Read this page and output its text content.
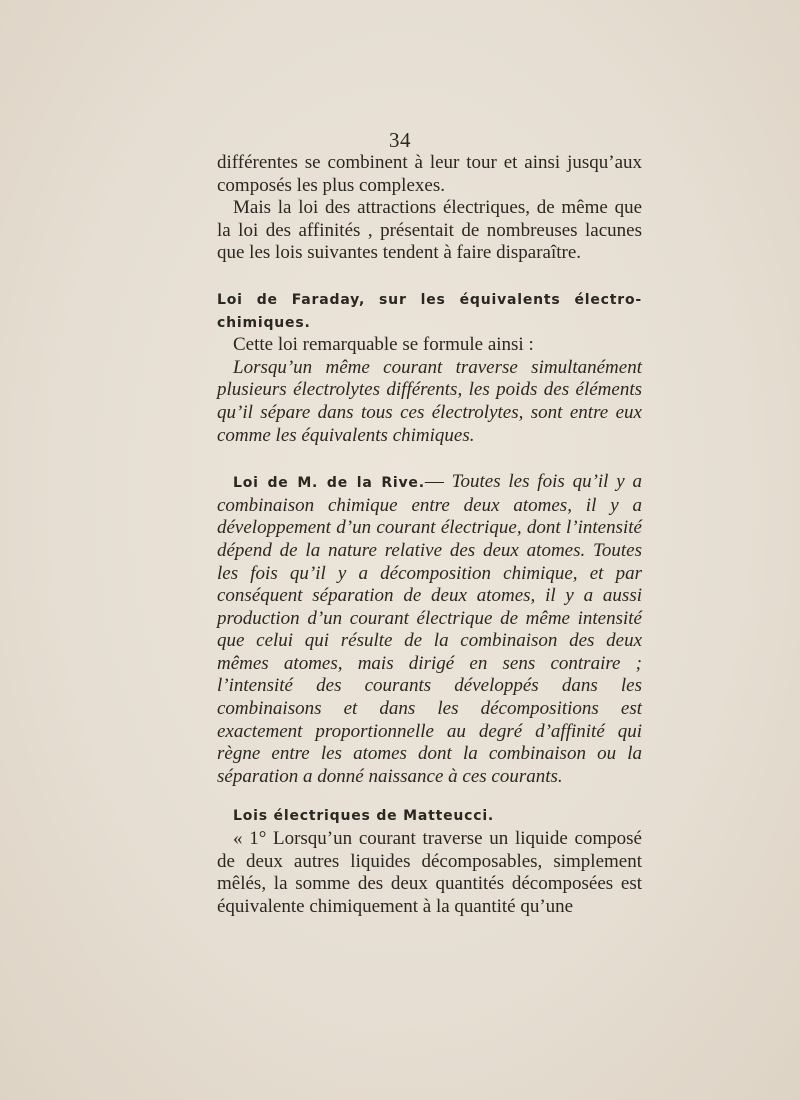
34

différentes se combinent à leur tour et ainsi jusqu’aux composés les plus complexes.

Mais la loi des attractions électriques, de même que la loi des affinités , présentait de nombreuses lacunes que les lois suivantes tendent à faire disparaître.

Loi de Faraday, sur les équivalents électro-chimiques.

Cette loi remarquable se formule ainsi :

Lorsqu’un même courant traverse simultanément plusieurs électrolytes différents, les poids des éléments qu’il sépare dans tous ces électrolytes, sont entre eux comme les équivalents chimiques.

Loi de M. de la Rive.— Toutes les fois qu’il y a combinaison chimique entre deux atomes, il y a développement d’un courant électrique, dont l’intensité dépend de la nature relative des deux atomes. Toutes les fois qu’il y a décomposition chimique, et par conséquent séparation de deux atomes, il y a aussi production d’un courant électrique de même intensité que celui qui résulte de la combinaison des deux mêmes atomes, mais dirigé en sens contraire ; l’intensité des courants développés dans les combinaisons et dans les décompositions est exactement proportionnelle au degré d’affinité qui règne entre les atomes dont la combinaison ou la séparation a donné naissance à ces courants.

Lois électriques de Matteucci.

« 1° Lorsqu’un courant traverse un liquide composé de deux autres liquides décomposables, simplement mêlés, la somme des deux quantités décomposées est équivalente chimiquement à la quantité qu’une
